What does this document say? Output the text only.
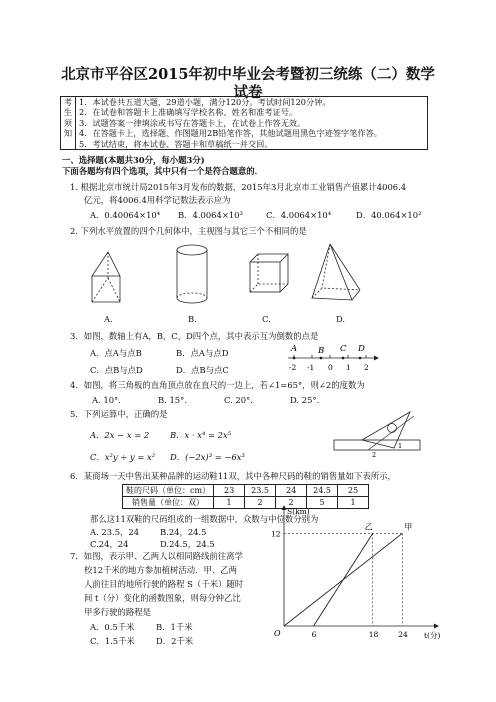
北京市平谷区2015年初中毕业会考暨初三统练（二）数学
试卷
考
生
须
知

1．本试卷共五道大题，29道小题，满分120分。考试时间120分钟。
2．在试卷和答题卡上准确填写学校名称、姓名和准考证号。
3．试题答案一律填涂或书写在答题卡上，在试卷上作答无效。
4．在答题卡上，选择题、作图题用2B铅笔作答，其他试题用黑色字迹签字笔作答。
5．考试结束，将本试卷、答题卡和草稿纸一并交回。
一、选择题(本题共30分，每小题3分)
下面各题均有四个选项，其中只有一个是符合题意的．
1. 根据北京市统计局2015年3月发布的数据，2015年3月北京市工业销售产值累计4006.4
亿元，将4006.4用科学记数法表示应为
A．0.40064×10⁴ B．4.0064×10³	C．4.0064×10⁴	D．40.064×10²
2. 下列水平放置的四个几何体中，主视图与其它三个不相同的是
A.	B.	C.	D.
3．如图，数轴上有A，B，C，D四个点，其中表示互为倒数的点是
A．点A与点B	B．点A与点D
C．点B与点D	D．点B与点C
A B C D
-2 -1 0 1 2
4．如图，将三角板的直角顶点放在直尺的一边上，若∠1=65°，则∠2的度数为
A. 10°.	B. 15°.	C. 20°.	D. 25°.
5．下列运算中，正确的是
A．2x − x = 2 B．x · x⁴ = 2x⁵
C．x²y ÷ y = x² D．(−2x)³ = −6x³
1
2
6．某商场一天中售出某种品牌的运动鞋11双，其中各种尺码的鞋的销售量如下表所示，
鞋的尺码（单位：cm）	23	23.5	24	24.5	25
销售量（单位：双）	1	2	2	5	1
那么这11双鞋的尺码组成的一组数据中，众数与中位数分别为
A. 23.5，24 B.24，24.5
C.24，24	D.24.5，24.5
7．如图，表示甲、乙两人以相同路线前往离学
校12千米的地方参加植树活动．甲、乙两
人前往目的地所行驶的路程 S（千米）随时
间 t（分）变化的函数图象，则每分钟乙比
甲多行驶的路程是
A．0.5千米	B．1千米
C．1.5千米	D．2千米
S(km)
t(分)
O
12
6	18	24
乙	甲
